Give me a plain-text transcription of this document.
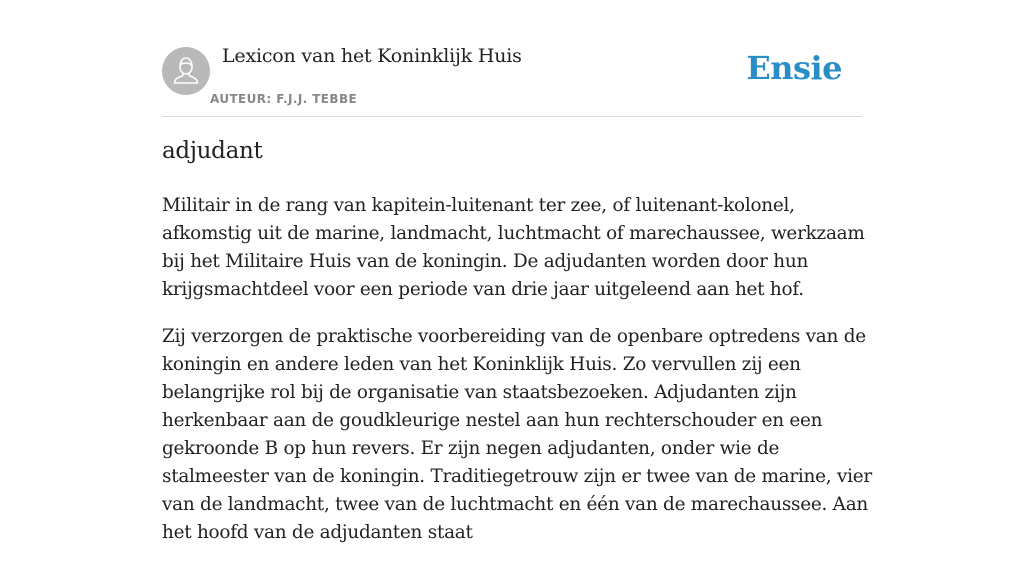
Lexicon van het Koninklijk Huis
AUTEUR: F.J.J. TEBBE
Ensie
adjudant

Militair in de rang van kapitein-luitenant ter zee, of luitenant-kolonel, afkomstig uit de marine, landmacht, luchtmacht of marechaussee, werkzaam bij het Militaire Huis van de koningin. De adjudanten worden door hun krijgsmachtdeel voor een periode van drie jaar uitgeleend aan het hof.

Zij verzorgen de praktische voorbereiding van de openbare optredens van de koningin en andere leden van het Koninklijk Huis. Zo vervullen zij een belangrijke rol bij de organisatie van staatsbezoeken. Adjudanten zijn herkenbaar aan de goudkleurige nestel aan hun rechterschouder en een gekroonde B op hun revers. Er zijn negen adjudanten, onder wie de stalmeester van de koningin. Traditiegetrouw zijn er twee van de marine, vier van de landmacht, twee van de luchtmacht en één van de marechaussee. Aan het hoofd van de adjudanten staat
